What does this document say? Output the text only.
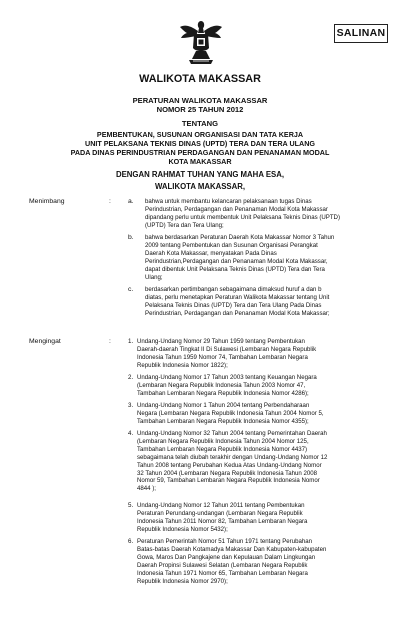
SALINAN
WALIKOTA MAKASSAR
PERATURAN WALIKOTA MAKASSAR
NOMOR 25 TAHUN 2012
TENTANG
PEMBENTUKAN, SUSUNAN ORGANISASI DAN TATA KERJA
UNIT PELAKSANA TEKNIS DINAS (UPTD) TERA DAN TERA ULANG
PADA DINAS PERINDUSTRIAN PERDAGANGAN DAN PENANAMAN MODAL
KOTA MAKASSAR
DENGAN RAHMAT TUHAN YANG MAHA ESA,
WALIKOTA MAKASSAR,
Menimbang	:	a. bahwa untuk membantu kelancaran pelaksanaan tugas Dinas
Perindustrian, Perdagangan dan Penanaman Modal Kota Makassar
dipandang perlu untuk membentuk Unit Pelaksana Teknis Dinas (UPTD)
(UPTD) Tera dan Tera Ulang;
b. bahwa berdasarkan Peraturan Daerah Kota Makassar Nomor 3 Tahun
2009 tentang Pembentukan dan Susunan Organisasi Perangkat
Daerah Kota Makassar, menyatakan Pada Dinas
Perindustrian,Perdagangan dan Penanaman Modal Kota Makassar,
dapat dibentuk Unit Pelaksana Teknis Dinas (UPTD) Tera dan Tera
Ulang;
c. berdasarkan pertimbangan sebagaimana dimaksud huruf a dan b
diatas, perlu menetapkan Peraturan Walikota Makassar tentang Unit
Pelaksana Teknis Dinas (UPTD) Tera dan Tera Ulang Pada Dinas
Perindustrian, Perdagangan dan Penanaman Modal Kota Makassar;
Mengingat	:	1. Undang-Undang Nomor 29 Tahun 1959 tentang Pembentukan
Daerah-daerah Tingkat II Di Sulawesi (Lembaran Negara Republik
Indonesia Tahun 1959 Nomor 74, Tambahan Lembaran Negara
Republik Indonesia Nomor 1822);
2. Undang-Undang Nomor 17 Tahun 2003 tentang Keuangan Negara
(Lembaran Negara Republik Indonesia Tahun 2003 Nomor 47,
Tambahan Lembaran Negara Republik Indonesia Nomor 4286);
3. Undang-Undang Nomor 1 Tahun 2004 tentang Perbendaharaan
Negara (Lembaran Negara Republik Indonesia Tahun 2004 Nomor 5,
Tambahan Lembaran Negara Republik Indonesia Nomor 4355);
4. Undang-Undang Nomor 32 Tahun 2004 tentang Pemerintahan Daerah
(Lembaran Negara Republik Indonesia Tahun 2004 Nomor 125,
Tambahan Lembaran Negara Republik Indonesia Nomor 4437)
sebagaimana telah diubah terakhir dengan Undang-Undang Nomor 12
Tahun 2008 tentang Perubahan Kedua Atas Undang-Undang Nomor
32 Tahun 2004 (Lembaran Negara Republik Indonesia Tahun 2008
Nomor 59, Tambahan Lembaran Negara Republik Indonesia Nomor
4844 );
5. Undang-Undang Nomor 12 Tahun 2011 tentang Pembentukan
Peraturan Perundang-undangan (Lembaran Negara Republik
Indonesia Tahun 2011 Nomor 82, Tambahan Lembaran Negara
Republik Indonesia Nomor 5432);
6. Peraturan Pemerintah Nomor 51 Tahun 1971 tentang Perubahan
Batas-batas Daerah Kotamadya Makassar Dan Kabupaten-kabupaten
Gowa, Maros Dan Pangkajene dan Kepulauan Dalam Lingkungan
Daerah Propinsi Sulawesi Selatan (Lembaran Negara Republik
Indonesia Tahun 1971 Nomor 65, Tambahan Lembaran Negara
Republik Indonesia Nomor 2970);
